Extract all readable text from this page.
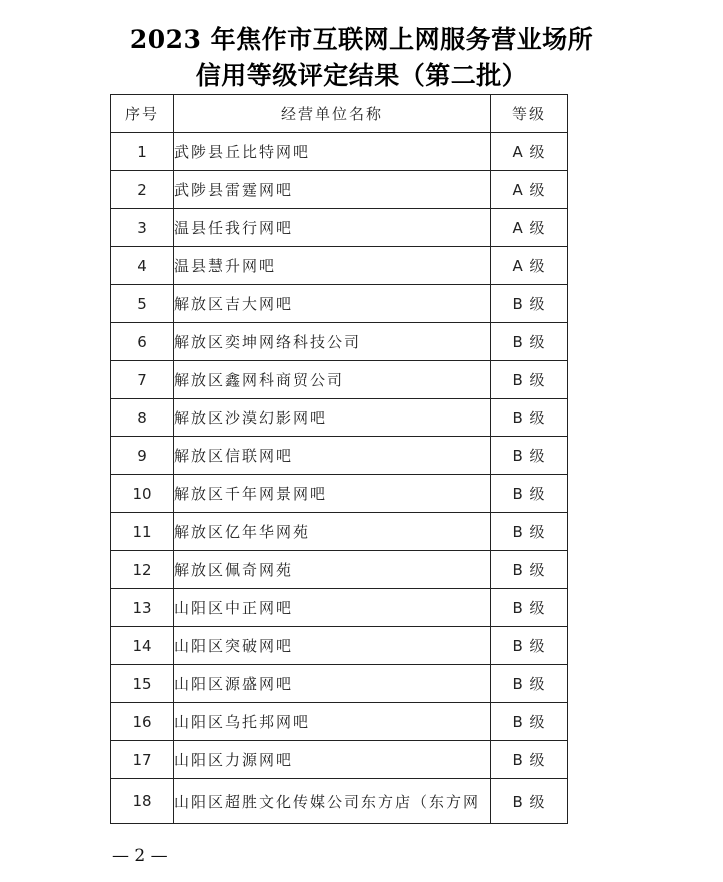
2023 年焦作市互联网上网服务营业场所
信用等级评定结果（第二批）
序号	经营单位名称	等级
1	武陟县丘比特网吧	A 级
2	武陟县雷霆网吧	A 级
3	温县任我行网吧	A 级
4	温县慧升网吧	A 级
5	解放区吉大网吧	B 级
6	解放区奕坤网络科技公司	B 级
7	解放区鑫网科商贸公司	B 级
8	解放区沙漠幻影网吧	B 级
9	解放区信联网吧	B 级
10	解放区千年网景网吧	B 级
11	解放区亿年华网苑	B 级
12	解放区佩奇网苑	B 级
13	山阳区中正网吧	B 级
14	山阳区突破网吧	B 级
15	山阳区源盛网吧	B 级
16	山阳区乌托邦网吧	B 级
17	山阳区力源网吧	B 级
18	山阳区超胜文化传媒公司东方店（东方网	B 级
— 2 —
